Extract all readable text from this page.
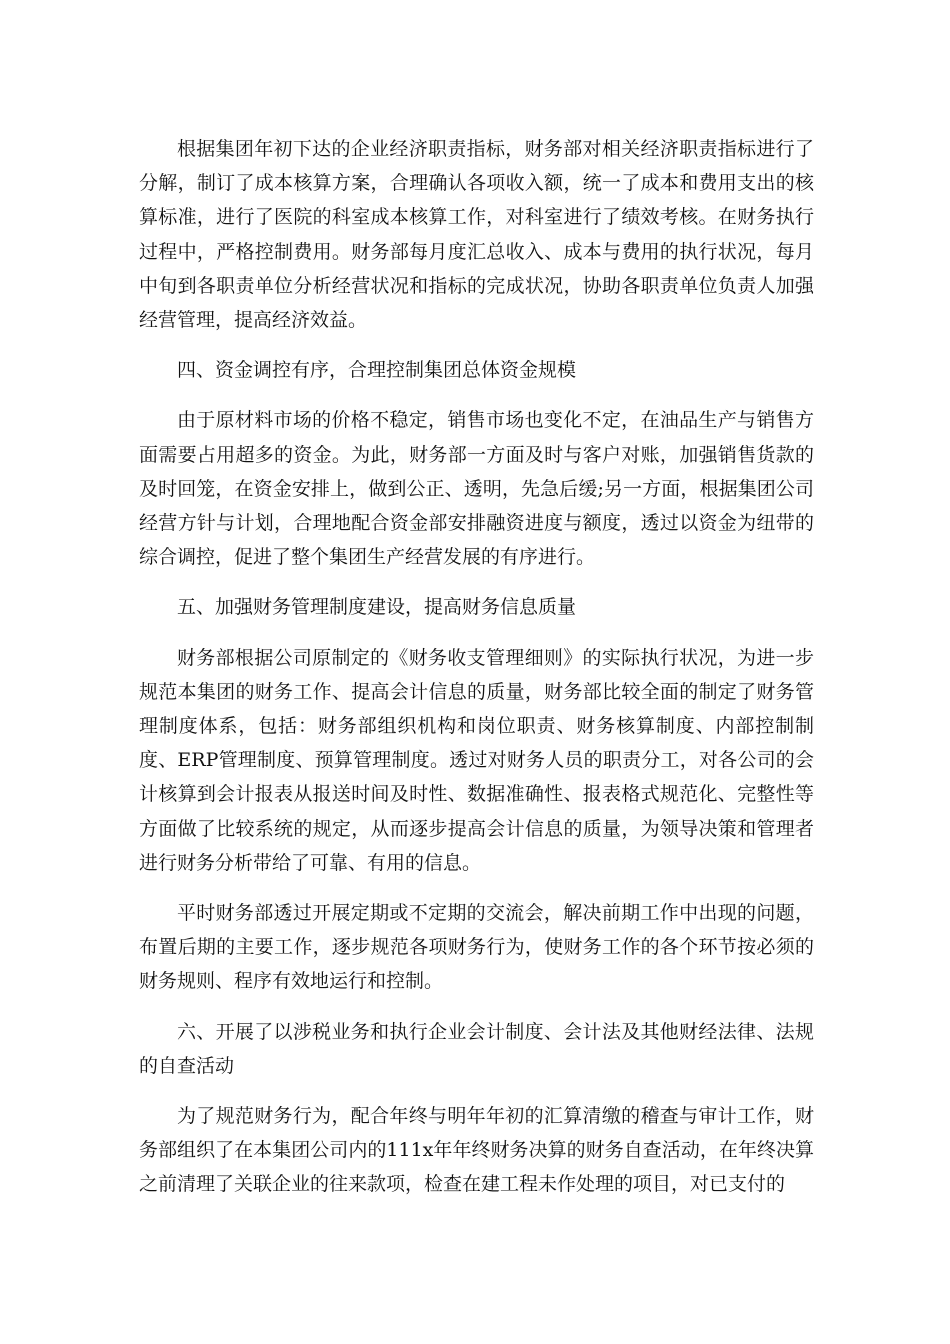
根据集团年初下达的企业经济职责指标，财务部对相关经济职责指标进行了分解，制订了成本核算方案，合理确认各项收入额，统一了成本和费用支出的核算标准，进行了医院的科室成本核算工作，对科室进行了绩效考核。在财务执行过程中，严格控制费用。财务部每月度汇总收入、成本与费用的执行状况，每月中旬到各职责单位分析经营状况和指标的完成状况，协助各职责单位负责人加强经营管理，提高经济效益。

四、资金调控有序，合理控制集团总体资金规模

由于原材料市场的价格不稳定，销售市场也变化不定，在油品生产与销售方面需要占用超多的资金。为此，财务部一方面及时与客户对账，加强销售货款的及时回笼，在资金安排上，做到公正、透明，先急后缓;另一方面，根据集团公司经营方针与计划，合理地配合资金部安排融资进度与额度，透过以资金为纽带的综合调控，促进了整个集团生产经营发展的有序进行。

五、加强财务管理制度建设，提高财务信息质量

财务部根据公司原制定的《财务收支管理细则》的实际执行状况，为进一步规范本集团的财务工作、提高会计信息的质量，财务部比较全面的制定了财务管理制度体系，包括：财务部组织机构和岗位职责、财务核算制度、内部控制制度、ERP管理制度、预算管理制度。透过对财务人员的职责分工，对各公司的会计核算到会计报表从报送时间及时性、数据准确性、报表格式规范化、完整性等方面做了比较系统的规定，从而逐步提高会计信息的质量，为领导决策和管理者进行财务分析带给了可靠、有用的信息。

平时财务部透过开展定期或不定期的交流会，解决前期工作中出现的问题，布置后期的主要工作，逐步规范各项财务行为，使财务工作的各个环节按必须的财务规则、程序有效地运行和控制。

六、开展了以涉税业务和执行企业会计制度、会计法及其他财经法律、法规的自查活动

为了规范财务行为，配合年终与明年年初的汇算清缴的稽查与审计工作，财务部组织了在本集团公司内的111x年年终财务决算的财务自查活动，在年终决算之前清理了关联企业的往来款项，检查在建工程未作处理的项目，对已支付的
